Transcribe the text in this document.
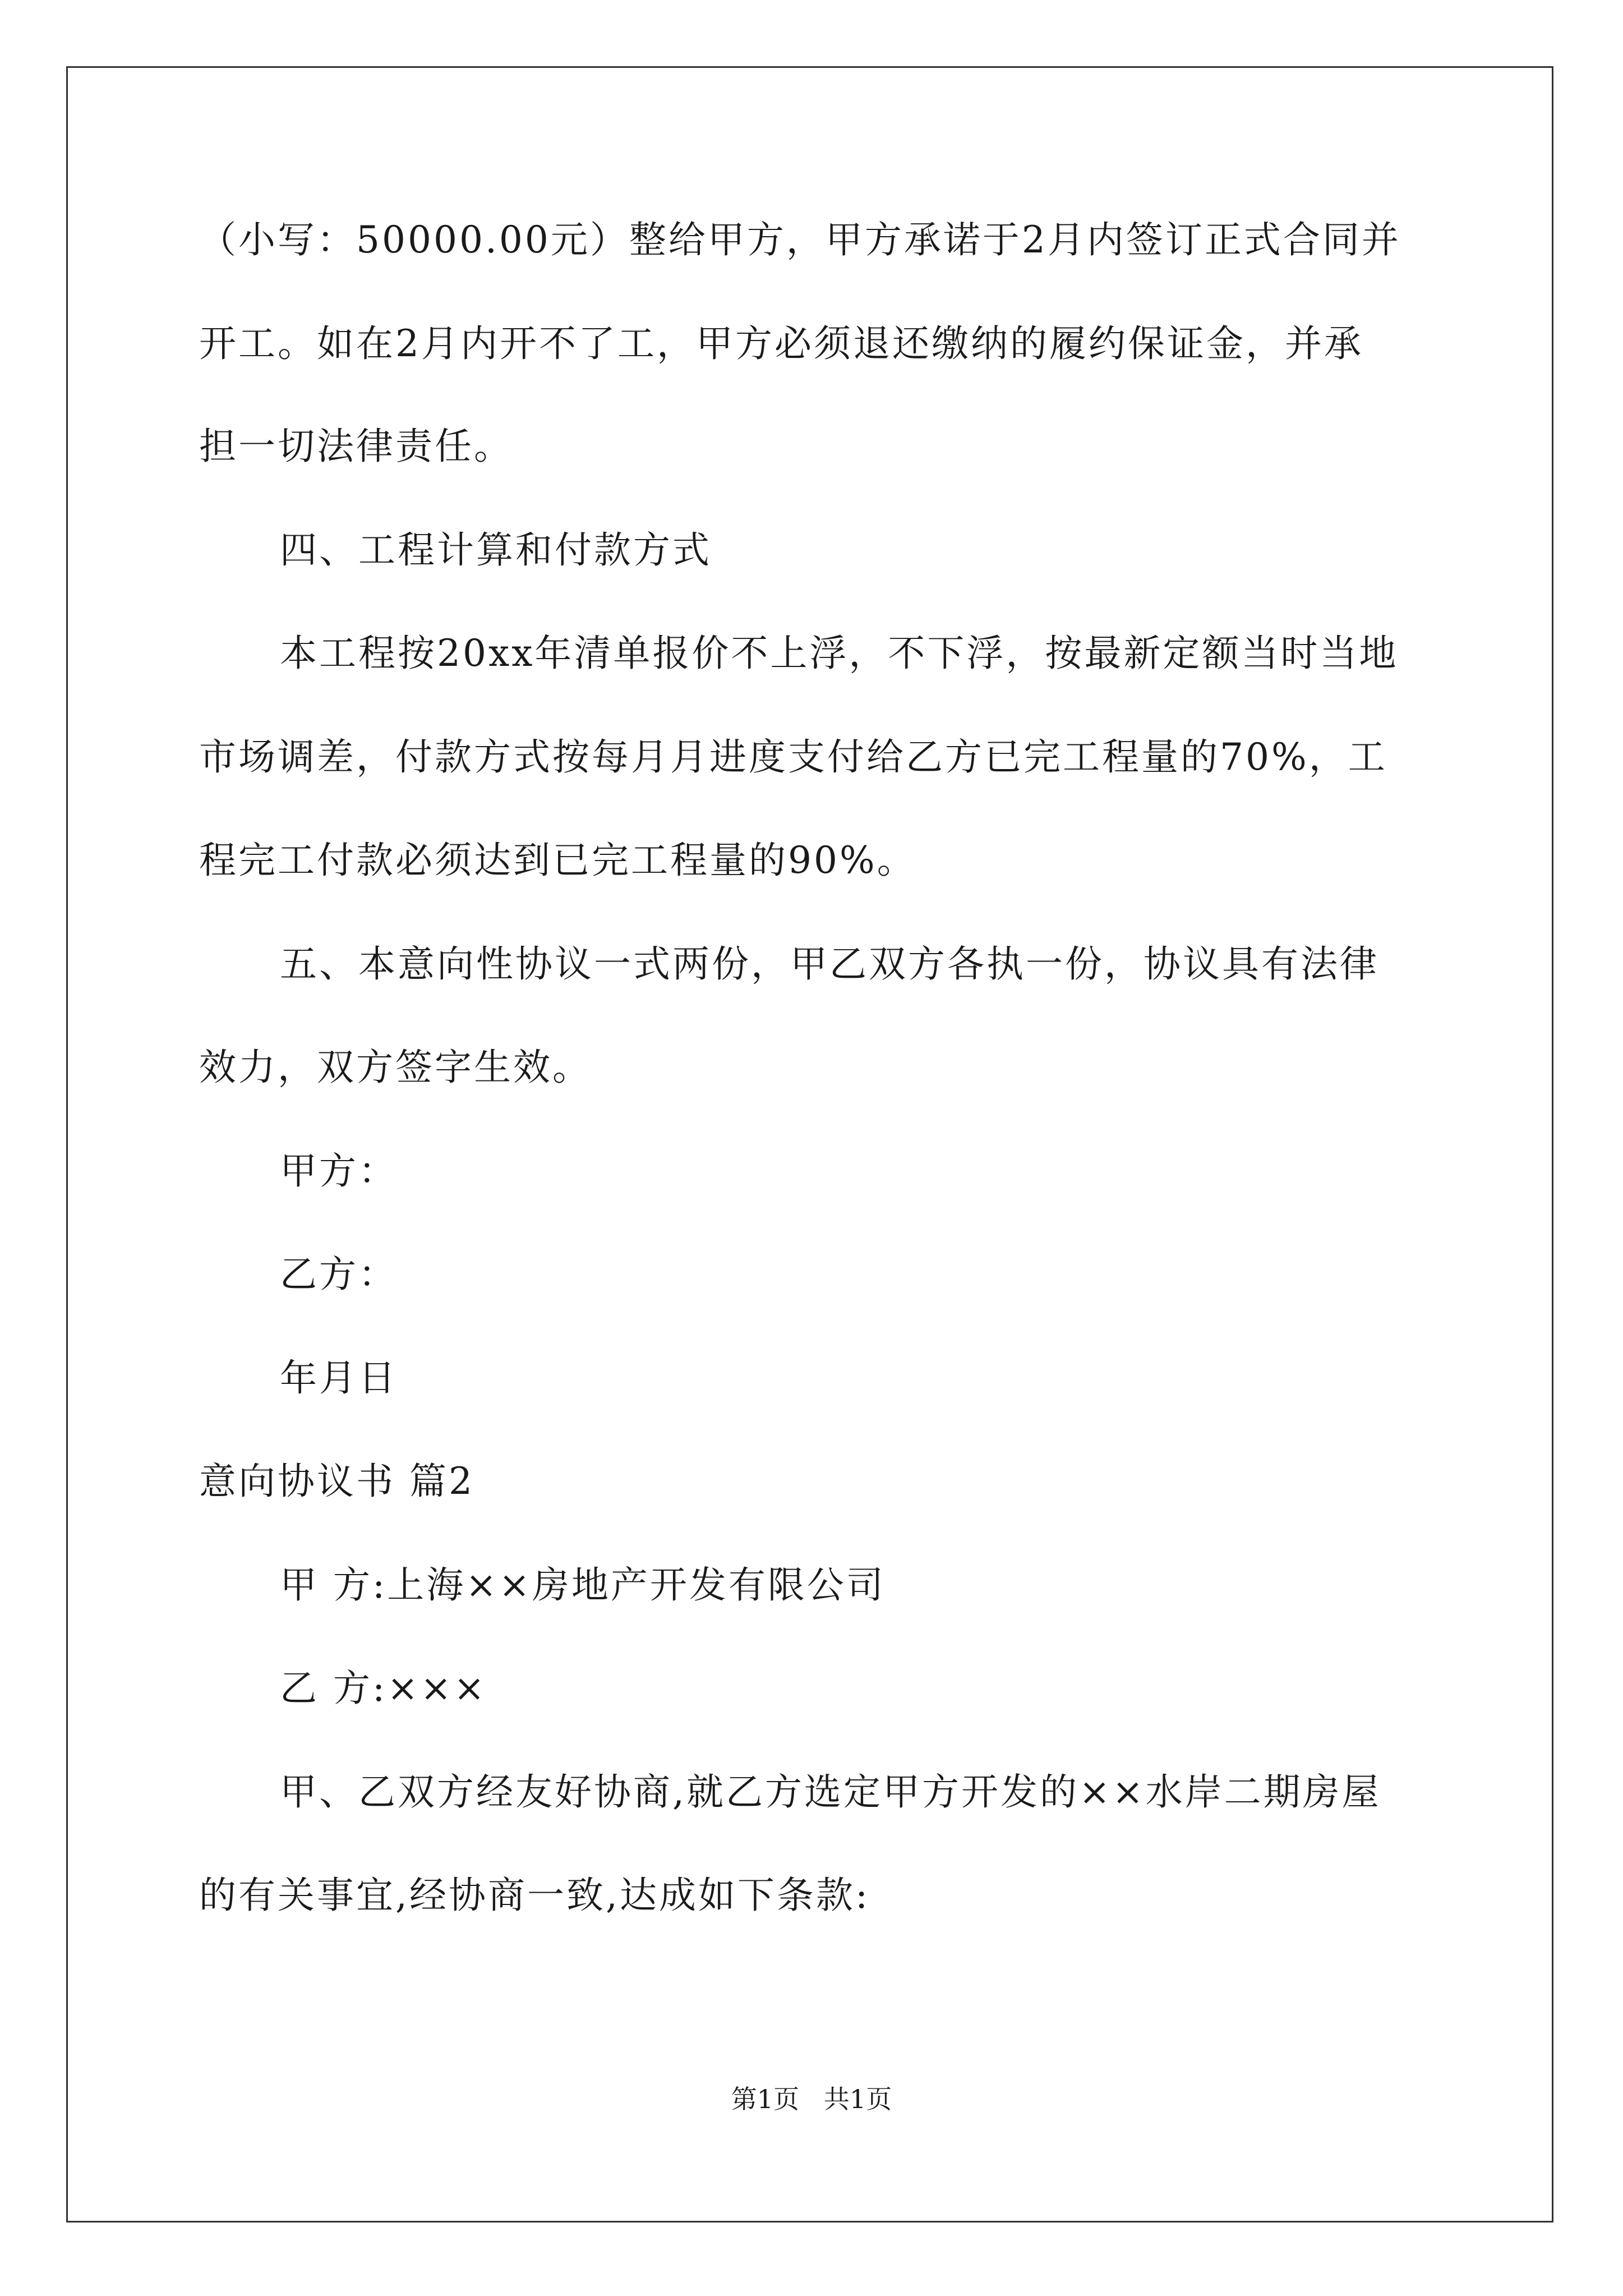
（小写：50000.00元）整给甲方，甲方承诺于2月内签订正式合同并
开工。如在2月内开不了工，甲方必须退还缴纳的履约保证金，并承
担一切法律责任。
四、工程计算和付款方式
本工程按20xx年清单报价不上浮，不下浮，按最新定额当时当地
市场调差，付款方式按每月月进度支付给乙方已完工程量的70%，工
程完工付款必须达到已完工程量的90%。
五、本意向性协议一式两份，甲乙双方各执一份，协议具有法律
效力，双方签字生效。
甲方：
乙方：
年月日
意向协议书 篇2
甲 方:上海××房地产开发有限公司
乙 方:×××
甲、乙双方经友好协商,就乙方选定甲方开发的××水岸二期房屋
的有关事宜,经协商一致,达成如下条款:
第1页   共1页
